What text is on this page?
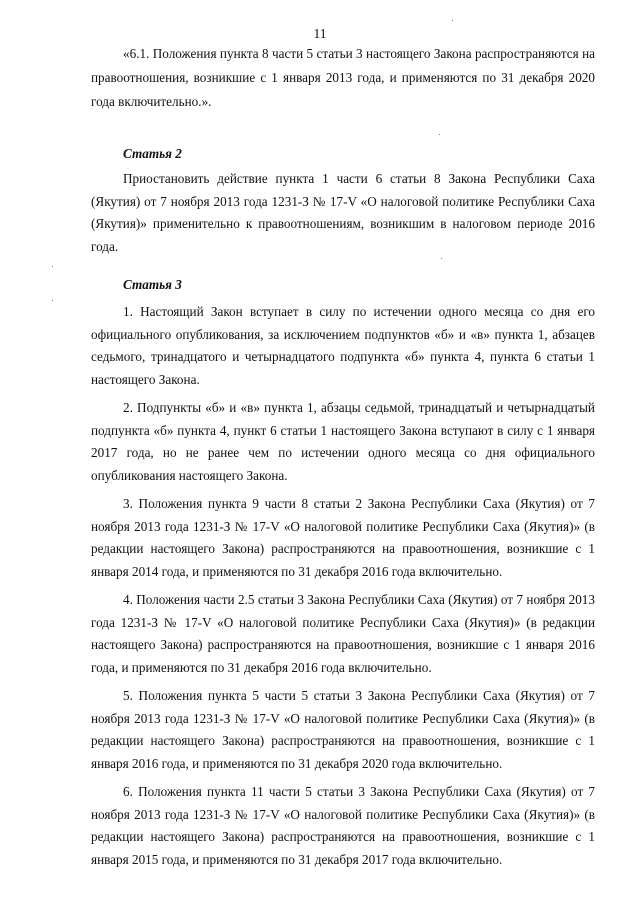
11

«6.1. Положения пункта 8 части 5 статьи 3 настоящего Закона распространяются на правоотношения, возникшие с 1 января 2013 года, и применяются по 31 декабря 2020 года включительно.».

Статья 2

Приостановить действие пункта 1 части 6 статьи 8 Закона Республики Саха (Якутия) от 7 ноября 2013 года 1231-З № 17-V «О налоговой политике Республики Саха (Якутия)» применительно к правоотношениям, возникшим в налоговом периоде 2016 года.

Статья 3

1. Настоящий Закон вступает в силу по истечении одного месяца со дня его официального опубликования, за исключением подпунктов «б» и «в» пункта 1, абзацев седьмого, тринадцатого и четырнадцатого подпункта «б» пункта 4, пункта 6 статьи 1 настоящего Закона.

2. Подпункты «б» и «в» пункта 1, абзацы седьмой, тринадцатый и четырнадцатый подпункта «б» пункта 4, пункт 6 статьи 1 настоящего Закона вступают в силу с 1 января 2017 года, но не ранее чем по истечении одного месяца со дня официального опубликования настоящего Закона.

3. Положения пункта 9 части 8 статьи 2 Закона Республики Саха (Якутия) от 7 ноября 2013 года 1231-З № 17-V «О налоговой политике Республики Саха (Якутия)» (в редакции настоящего Закона) распространяются на правоотношения, возникшие с 1 января 2014 года, и применяются по 31 декабря 2016 года включительно.

4. Положения части 2.5 статьи 3 Закона Республики Саха (Якутия) от 7 ноября 2013 года 1231-З № 17-V «О налоговой политике Республики Саха (Якутия)» (в редакции настоящего Закона) распространяются на правоотношения, возникшие с 1 января 2016 года, и применяются по 31 декабря 2016 года включительно.

5. Положения пункта 5 части 5 статьи 3 Закона Республики Саха (Якутия) от 7 ноября 2013 года 1231-З № 17-V «О налоговой политике Республики Саха (Якутия)» (в редакции настоящего Закона) распространяются на правоотношения, возникшие с 1 января 2016 года, и применяются по 31 декабря 2020 года включительно.

6. Положения пункта 11 части 5 статьи 3 Закона Республики Саха (Якутия) от 7 ноября 2013 года 1231-З № 17-V «О налоговой политике Республики Саха (Якутия)» (в редакции настоящего Закона) распространяются на правоотношения, возникшие с 1 января 2015 года, и применяются по 31 декабря 2017 года включительно.
